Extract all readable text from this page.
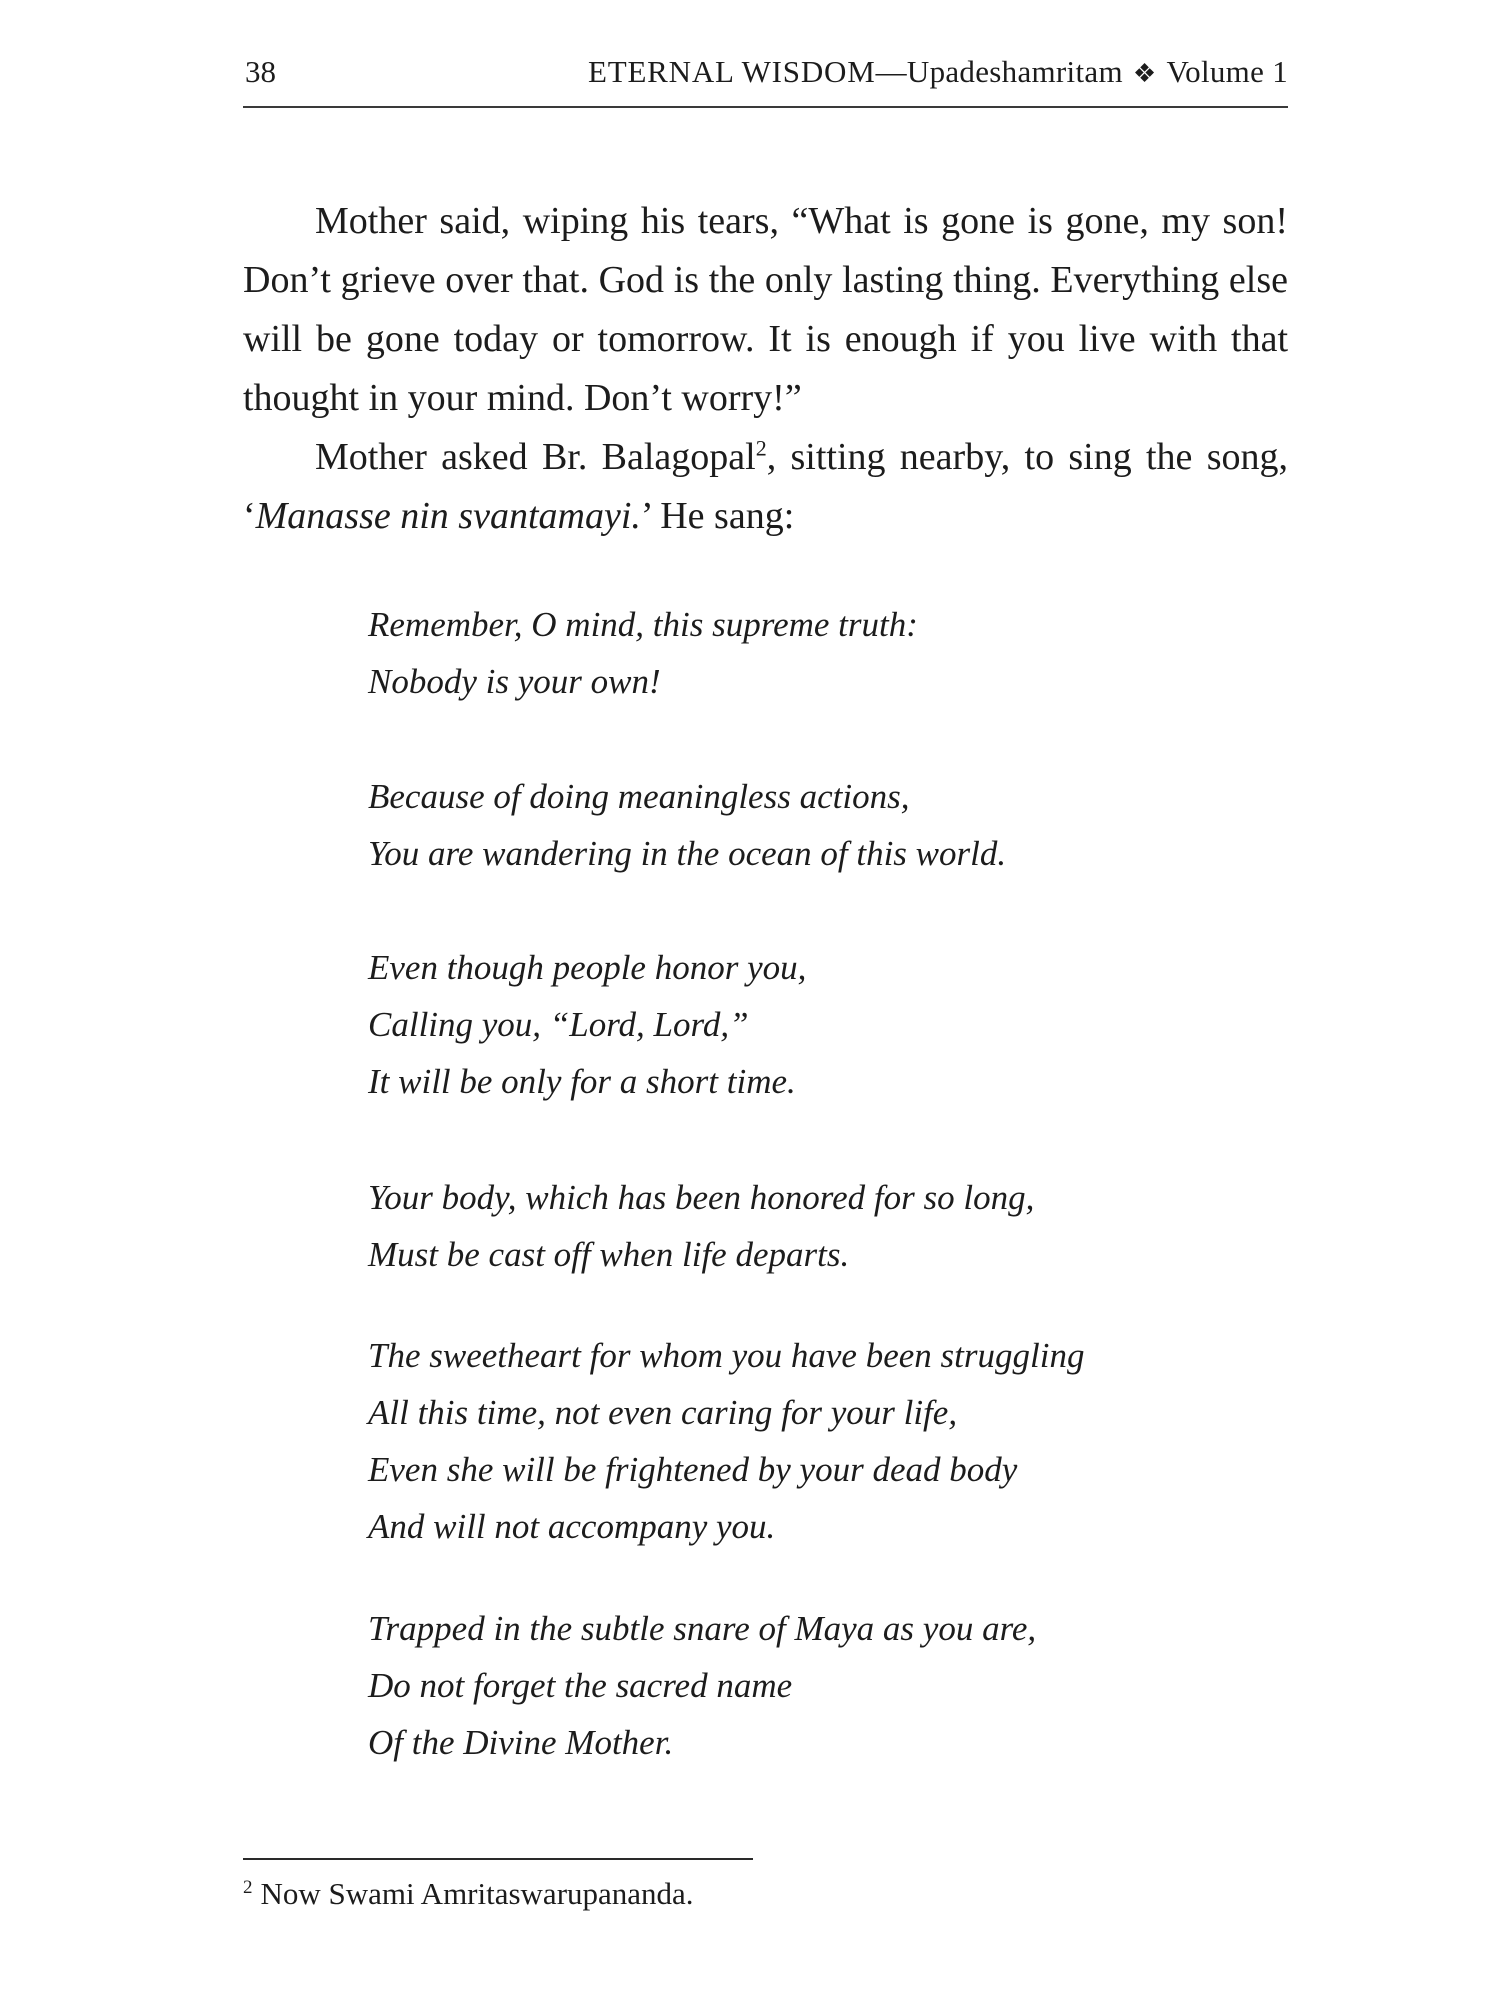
38	ETERNAL WISDOM—Upadeshamritam ❖ Volume 1

Mother said, wiping his tears, “What is gone is gone, my son! Don’t grieve over that. God is the only lasting thing. Everything else will be gone today or tomorrow. It is enough if you live with that thought in your mind. Don’t worry!”

Mother asked Br. Balagopal$^2$, sitting nearby, to sing the song, ‘Manasse nin svantamayi.’ He sang:

Remember, O mind, this supreme truth:
Nobody is your own!
Because of doing meaningless actions,
You are wandering in the ocean of this world.
Even though people honor you,
Calling you, “Lord, Lord,”
It will be only for a short time.
Your body, which has been honored for so long,
Must be cast off when life departs.
The sweetheart for whom you have been struggling
All this time, not even caring for your life,
Even she will be frightened by your dead body
And will not accompany you.
Trapped in the subtle snare of Maya as you are,
Do not forget the sacred name
Of the Divine Mother.
$^2$ Now Swami Amritaswarupananda.
